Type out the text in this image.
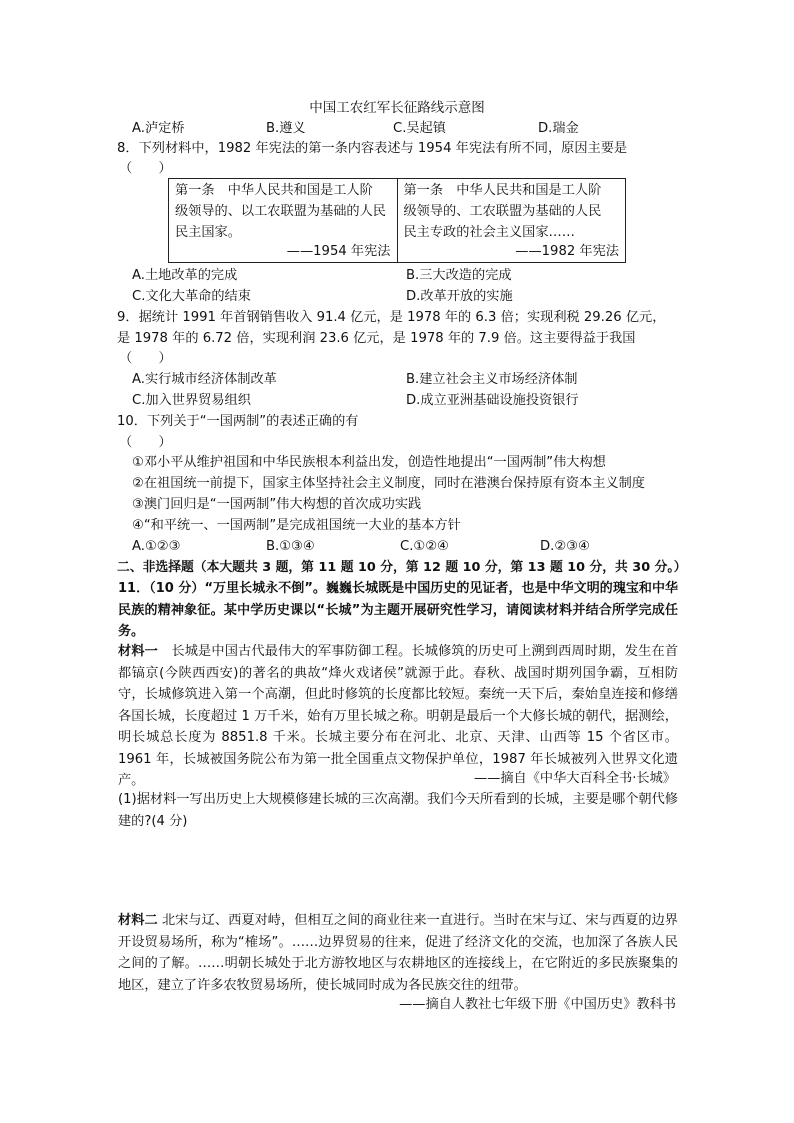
中国工农红军长征路线示意图
A.泸定桥	B.遵义	C.吴起镇	D.瑞金
8．下列材料中，1982 年宪法的第一条内容表述与 1954 年宪法有所不同，原因主要是
（　　）
第一条　中华人民共和国是工人阶
级领导的、以工农联盟为基础的人民
民主国家。
——1954 年宪法
第一条　中华人民共和国是工人阶
级领导的、工农联盟为基础的人民
民主专政的社会主义国家……
——1982 年宪法
A.土地改革的完成	B.三大改造的完成
C.文化大革命的结束	D.改革开放的实施
9．据统计 1991 年首钢销售收入 91.4 亿元，是 1978 年的 6.3 倍；实现利税 29.26 亿元，
是 1978 年的 6.72 倍，实现利润 23.6 亿元，是 1978 年的 7.9 倍。这主要得益于我国
（　　）
A.实行城市经济体制改革	B.建立社会主义市场经济体制
C.加入世界贸易组织	D.成立亚洲基础设施投资银行
10．下列关于“一国两制”的表述正确的有
（　　）
①邓小平从维护祖国和中华民族根本利益出发，创造性地提出“一国两制”伟大构想
②在祖国统一前提下，国家主体坚持社会主义制度，同时在港澳台保持原有资本主义制度
③澳门回归是“一国两制”伟大构想的首次成功实践
④“和平统一、一国两制”是完成祖国统一大业的基本方针
A.①②③	B.①③④	C.①②④	D.②③④
二、非选择题（本大题共 3 题，第 11 题 10 分，第 12 题 10 分，第 13 题 10 分，共 30 分。）
11．（10 分）“万里长城永不倒”。巍巍长城既是中国历史的见证者，也是中华文明的瑰宝和中华民族的精神象征。某中学历史课以“长城”为主题开展研究性学习，请阅读材料并结合所学完成任务。
材料一　长城是中国古代最伟大的军事防御工程。长城修筑的历史可上溯到西周时期，发生在首都镐京(今陕西西安)的著名的典故“烽火戏诸侯”就源于此。春秋、战国时期列国争霸，互相防守，长城修筑进入第一个高潮，但此时修筑的长度都比较短。秦统一天下后，秦始皇连接和修缮各国长城，长度超过 1 万千米，始有万里长城之称。明朝是最后一个大修长城的朝代，据测绘，明长城总长度为 8851.8 千米。长城主要分布在河北、北京、天津、山西等 15 个省区市。1961 年，长城被国务院公布为第一批全国重点文物保护单位，1987 年长城被列入世界文化遗产。	——摘自《中华大百科全书·长城》
(1)据材料一写出历史上大规模修建长城的三次高潮。我们今天所看到的长城，主要是哪个朝代修建的?(4 分)
材料二 北宋与辽、西夏对峙，但相互之间的商业往来一直进行。当时在宋与辽、宋与西夏的边界开设贸易场所，称为“榷场”。……边界贸易的往来，促进了经济文化的交流，也加深了各族人民之间的了解。……明朝长城处于北方游牧地区与农耕地区的连接线上，在它附近的多民族聚集的地区，建立了许多农牧贸易场所，使长城同时成为各民族交往的纽带。
——摘自人教社七年级下册《中国历史》教科书
